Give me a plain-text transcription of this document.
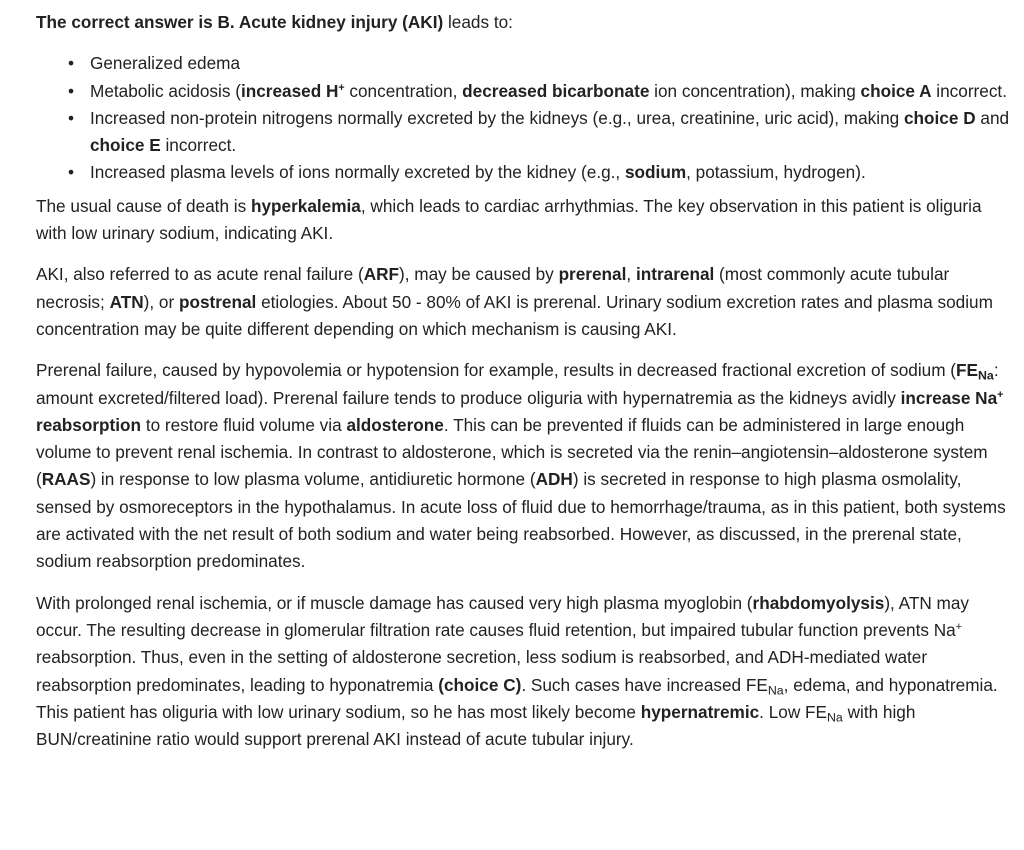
The correct answer is B. Acute kidney injury (AKI) leads to:

• Generalized edema
• Metabolic acidosis (increased H+ concentration, decreased bicarbonate ion concentration), making choice A incorrect.
• Increased non-protein nitrogens normally excreted by the kidneys (e.g., urea, creatinine, uric acid), making choice D and choice E incorrect.
• Increased plasma levels of ions normally excreted by the kidney (e.g., sodium, potassium, hydrogen).

The usual cause of death is hyperkalemia, which leads to cardiac arrhythmias. The key observation in this patient is oliguria with low urinary sodium, indicating AKI.

AKI, also referred to as acute renal failure (ARF), may be caused by prerenal, intrarenal (most commonly acute tubular necrosis; ATN), or postrenal etiologies. About 50 - 80% of AKI is prerenal. Urinary sodium excretion rates and plasma sodium concentration may be quite different depending on which mechanism is causing AKI.

Prerenal failure, caused by hypovolemia or hypotension for example, results in decreased fractional excretion of sodium ($FE_{Na}$: amount excreted/filtered load). Prerenal failure tends to produce oliguria with hypernatremia as the kidneys avidly increase Na+ reabsorption to restore fluid volume via aldosterone. This can be prevented if fluids can be administered in large enough volume to prevent renal ischemia. In contrast to aldosterone, which is secreted via the renin–angiotensin–aldosterone system (RAAS) in response to low plasma volume, antidiuretic hormone (ADH) is secreted in response to high plasma osmolality, sensed by osmoreceptors in the hypothalamus. In acute loss of fluid due to hemorrhage/trauma, as in this patient, both systems are activated with the net result of both sodium and water being reabsorbed. However, as discussed, in the prerenal state, sodium reabsorption predominates.

With prolonged renal ischemia, or if muscle damage has caused very high plasma myoglobin (rhabdomyolysis), ATN may occur. The resulting decrease in glomerular filtration rate causes fluid retention, but impaired tubular function prevents Na+ reabsorption. Thus, even in the setting of aldosterone secretion, less sodium is reabsorbed, and ADH-mediated water reabsorption predominates, leading to hyponatremia (choice C). Such cases have increased $FE_{Na}$, edema, and hyponatremia. This patient has oliguria with low urinary sodium, so he has most likely become hypernatremic. Low $FE_{Na}$ with high BUN/creatinine ratio would support prerenal AKI instead of acute tubular injury.
